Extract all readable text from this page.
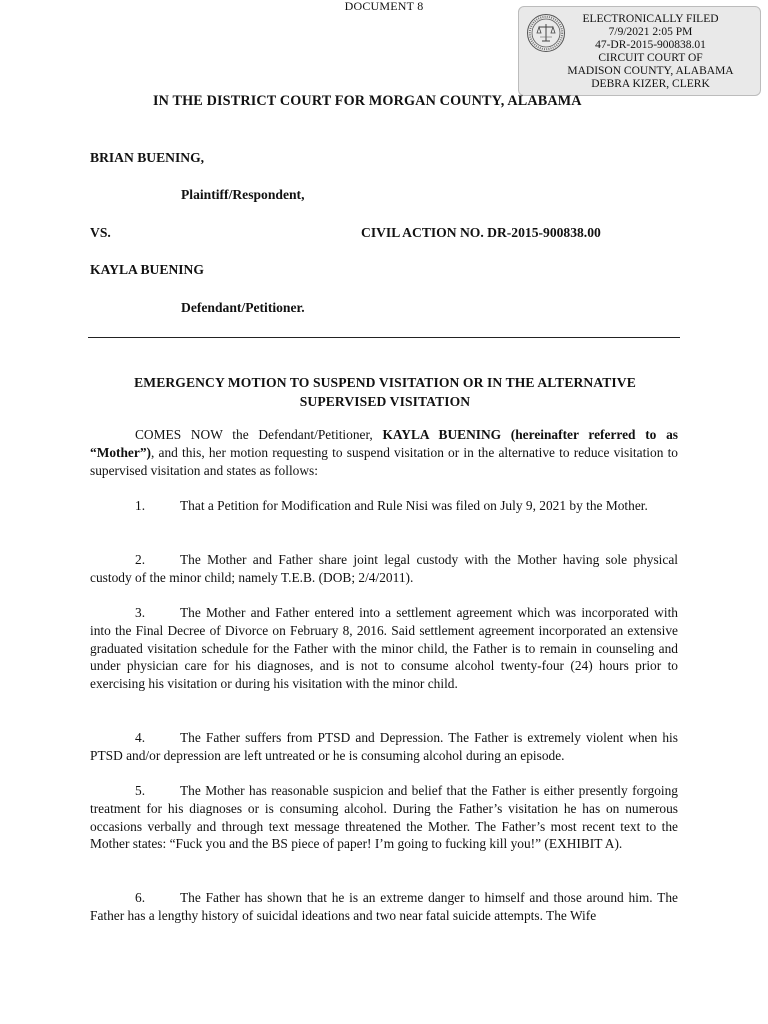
DOCUMENT 8
ELECTRONICALLY FILED
7/9/2021 2:05 PM
47-DR-2015-900838.01
CIRCUIT COURT OF
MADISON COUNTY, ALABAMA
DEBRA KIZER, CLERK
IN THE DISTRICT COURT FOR MORGAN COUNTY, ALABAMA
BRIAN BUENING,
Plaintiff/Respondent,
VS.	CIVIL ACTION NO. DR-2015-900838.00
KAYLA BUENING
Defendant/Petitioner.
EMERGENCY MOTION TO SUSPEND VISITATION OR IN THE ALTERNATIVE
SUPERVISED VISITATION

COMES NOW the Defendant/Petitioner, KAYLA BUENING (hereinafter referred to as “Mother”), and this, her motion requesting to suspend visitation or in the alternative to reduce visitation to supervised visitation and states as follows:

1.	That a Petition for Modification and Rule Nisi was filed on July 9, 2021 by the Mother.

2.	The Mother and Father share joint legal custody with the Mother having sole physical custody of the minor child; namely T.E.B. (DOB; 2/4/2011).

3.	The Mother and Father entered into a settlement agreement which was incorporated with into the Final Decree of Divorce on February 8, 2016. Said settlement agreement incorporated an extensive graduated visitation schedule for the Father with the minor child, the Father is to remain in counseling and under physician care for his diagnoses, and is not to consume alcohol twenty-four (24) hours prior to exercising his visitation or during his visitation with the minor child.

4.	The Father suffers from PTSD and Depression. The Father is extremely violent when his PTSD and/or depression are left untreated or he is consuming alcohol during an episode.

5.	The Mother has reasonable suspicion and belief that the Father is either presently forgoing treatment for his diagnoses or is consuming alcohol. During the Father’s visitation he has on numerous occasions verbally and through text message threatened the Mother. The Father’s most recent text to the Mother states: “Fuck you and the BS piece of paper! I’m going to fucking kill you!” (EXHIBIT A).

6.	The Father has shown that he is an extreme danger to himself and those around him. The Father has a lengthy history of suicidal ideations and two near fatal suicide attempts. The Wife
